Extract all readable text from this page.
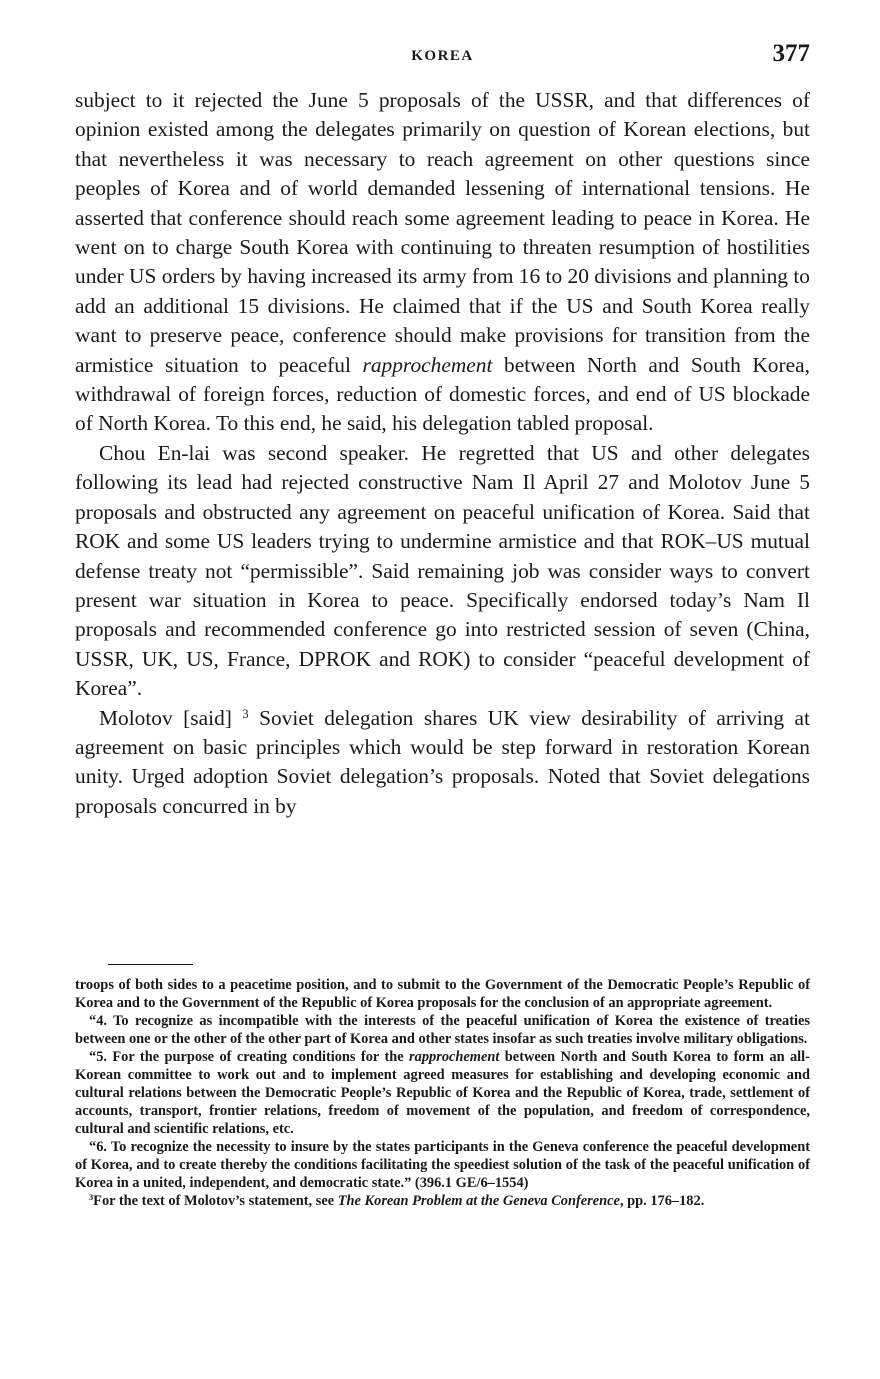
KOREA	377

subject to it rejected the June 5 proposals of the USSR, and that differences of opinion existed among the delegates primarily on question of Korean elections, but that nevertheless it was necessary to reach agreement on other questions since peoples of Korea and of world demanded lessening of international tensions. He asserted that conference should reach some agreement leading to peace in Korea. He went on to charge South Korea with continuing to threaten resumption of hostilities under US orders by having increased its army from 16 to 20 divisions and planning to add an additional 15 divisions. He claimed that if the US and South Korea really want to preserve peace, conference should make provisions for transition from the armistice situation to peaceful rapprochement between North and South Korea, withdrawal of foreign forces, reduction of domestic forces, and end of US blockade of North Korea. To this end, he said, his delegation tabled proposal.

Chou En-lai was second speaker. He regretted that US and other delegates following its lead had rejected constructive Nam Il April 27 and Molotov June 5 proposals and obstructed any agreement on peaceful unification of Korea. Said that ROK and some US leaders trying to undermine armistice and that ROK–US mutual defense treaty not “permissible”. Said remaining job was consider ways to convert present war situation in Korea to peace. Specifically endorsed today’s Nam Il proposals and recommended conference go into restricted session of seven (China, USSR, UK, US, France, DPROK and ROK) to consider “peaceful development of Korea”.

Molotov [said] $^3$ Soviet delegation shares UK view desirability of arriving at agreement on basic principles which would be step forward in restoration Korean unity. Urged adoption Soviet delegation’s proposals. Noted that Soviet delegations proposals concurred in by

troops of both sides to a peacetime position, and to submit to the Government of the Democratic People’s Republic of Korea and to the Government of the Republic of Korea proposals for the conclusion of an appropriate agreement.

“4. To recognize as incompatible with the interests of the peaceful unification of Korea the existence of treaties between one or the other of the other part of Korea and other states insofar as such treaties involve military obligations.

“5. For the purpose of creating conditions for the rapprochement between North and South Korea to form an all-Korean committee to work out and to implement agreed measures for establishing and developing economic and cultural relations between the Democratic People’s Republic of Korea and the Republic of Korea, trade, settlement of accounts, transport, frontier relations, freedom of movement of the population, and freedom of correspondence, cultural and scientific relations, etc.

“6. To recognize the necessity to insure by the states participants in the Geneva conference the peaceful development of Korea, and to create thereby the conditions facilitating the speediest solution of the task of the peaceful unification of Korea in a united, independent, and democratic state.” (396.1 GE/6–1554)

$^3$For the text of Molotov’s statement, see The Korean Problem at the Geneva Conference, pp. 176–182.
